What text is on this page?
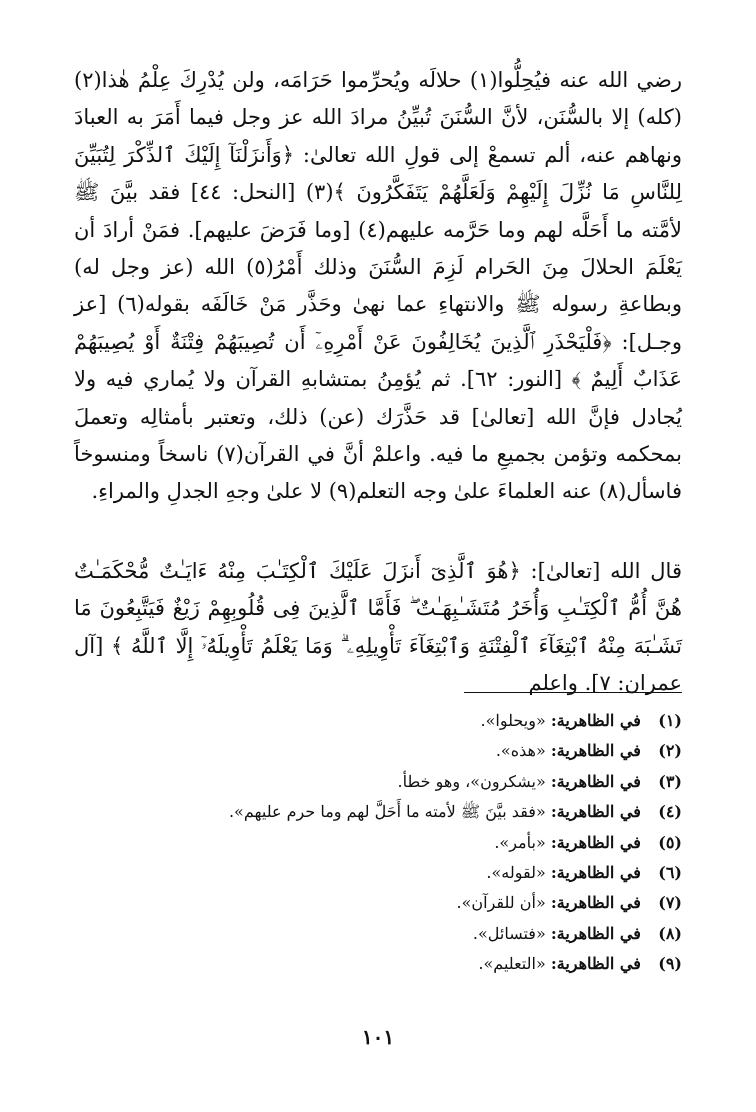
رضي الله عنه فيُحِلُّوا(١) حلالَه ويُحرِّموا حَرَامَه، ولن يُدْرِكَ عِلْمُ هٰذا(٢) (كله) إلا بالسُّنَن، لأنَّ السُّنَنَ تُبيِّنُ مرادَ الله عز وجل فيما أَمَرَ به العبادَ ونهاهم عنه، ألم تسمعْ إلى قولِ الله تعالىٰ: ﴿وَأَنزَلْنَآ إِلَيْكَ ٱلذِّكْرَ لِتُبَيِّنَ لِلنَّاسِ مَا نُزِّلَ إِلَيْهِمْ وَلَعَلَّهُمْ يَتَفَكَّرُونَ ﴾(٣) [النحل: ٤٤] فقد بيَّنَ ﷺ لأمَّته ما أَحَلَّه لهم وما حَرَّمه عليهم(٤) [وما فَرَضَ عليهم]. فمَنْ أرادَ أن يَعْلَمَ الحلالَ مِنَ الحَرام لَزِمَ السُّنَنَ وذلك أَمْرُ(٥) الله (عز وجل له) وبطاعةِ رسوله ﷺ والانتهاءِ عما نهىٰ وحَذَّر مَنْ خَالَفَه بقوله(٦) [عز وجـل]: ﴿فَلْيَحْذَرِ ٱلَّذِينَ يُخَالِفُونَ عَنْ أَمْرِهِۦٓ أَن تُصِيبَهُمْ فِتْنَةٌ أَوْ يُصِيبَهُمْ عَذَابٌ أَلِيمٌ ﴾ [النور: ٦٢]. ثم يُؤمِنُ بمتشابهِ القرآن ولا يُماري فيه ولا يُجادل فإنَّ الله [تعالىٰ] قد حَذَّرَك (عن) ذلك، وتعتبر بأمثالِه وتعملَ بمحكمه وتؤمن بجميعِ ما فيه. واعلمْ أنَّ في القرآن(٧) ناسخاً ومنسوخاً فاسأل(٨) عنه العلماءَ علىٰ وجه التعلم(٩) لا علىٰ وجهِ الجدلِ والمراءِ.

قال الله [تعالىٰ]: ﴿هُوَ ٱلَّذِىٓ أَنزَلَ عَلَيْكَ ٱلْكِتَـٰبَ مِنْهُ ءَايَـٰتٌ مُّحْكَمَـٰتٌ هُنَّ أُمُّ ٱلْكِتَـٰبِ وَأُخَرُ مُتَشَـٰبِهَـٰتٌ ۖ فَأَمَّا ٱلَّذِينَ فِى قُلُوبِهِمْ زَيْغٌ فَيَتَّبِعُونَ مَا تَشَـٰبَهَ مِنْهُ ٱبْتِغَآءَ ٱلْفِتْنَةِ وَٱبْتِغَآءَ تَأْوِيلِهِۦ ۗ وَمَا يَعْلَمُ تَأْوِيلَهُۥٓ إِلَّا ٱللَّهُ ﴾ [آل عمران: ٧]. واعلم

(١) في الظاهرية: «ويحلوا».
(٢) في الظاهرية: «هذه».
(٣) في الظاهرية: «يشكرون»، وهو خطأ.
(٤) في الظاهرية: «فقد بيَّنَ ﷺ لأمته ما أَحَلَّ لهم وما حرم عليهم».
(٥) في الظاهرية: «بأمر».
(٦) في الظاهرية: «لقوله».
(٧) في الظاهرية: «أن للقرآن».
(٨) في الظاهرية: «فتسائل».
(٩) في الظاهرية: «التعليم».
١٠١
